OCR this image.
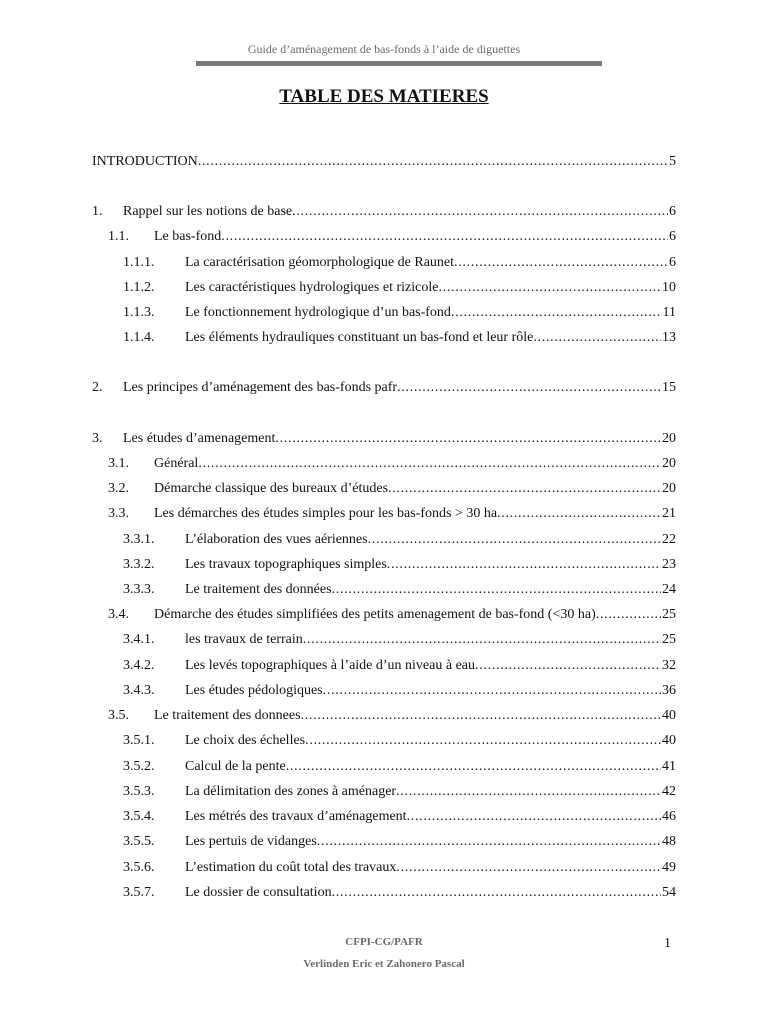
Guide d’aménagement de bas-fonds à l’aide de diguettes
TABLE DES MATIERES
INTRODUCTION . . .	5
1.	Rappel sur les notions de base . . .	6
1.1.	Le bas-fond . . .	6
1.1.1.	La caractérisation géomorphologique de Raunet . . .	6
1.1.2.	Les caractéristiques hydrologiques et rizicole . . .	10
1.1.3.	Le fonctionnement hydrologique d’un bas-fond . . .	11
1.1.4.	Les éléments hydrauliques constituant un bas-fond et leur rôle . . .	13
2.	Les principes d’aménagement des bas-fonds pafr . . .	15
3.	Les études d’amenagement . . .	20
3.1.	Général . . .	20
3.2.	Démarche classique des bureaux d’études . . .	20
3.3.	Les démarches des études simples pour les bas-fonds > 30 ha . . .	21
3.3.1.	L’élaboration des vues aériennes . . .	22
3.3.2.	Les travaux topographiques simples . . .	23
3.3.3.	Le traitement des données . . .	24
3.4.	Démarche des études simplifiées des petits amenagement de bas-fond (<30 ha) . . .	25
3.4.1.	les travaux de terrain . . .	25
3.4.2.	Les levés topographiques à l’aide d’un niveau à eau . . .	32
3.4.3.	Les études pédologiques . . .	36
3.5.	Le traitement des donnees . . .	40
3.5.1.	Le choix des échelles . . .	40
3.5.2.	Calcul de la pente . . .	41
3.5.3.	La délimitation des zones à aménager . . .	42
3.5.4.	Les métrés des travaux d’aménagement . . .	46
3.5.5.	Les pertuis de vidanges . . .	48
3.5.6.	L’estimation du coût total des travaux . . .	49
3.5.7.	Le dossier de consultation . . .	54
CFPI-CG/PAFR
Verlinden Eric et Zahonero Pascal
1
